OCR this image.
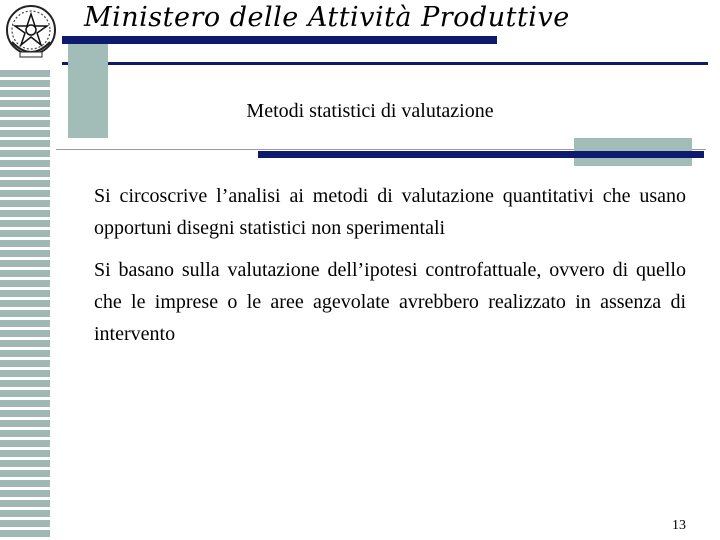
Ministero delle Attività Produttive
Metodi statistici di valutazione

Si circoscrive l’analisi ai metodi di valutazione quantitativi che usano opportuni disegni statistici non sperimentali

Si basano sulla valutazione dell’ipotesi controfattuale, ovvero di quello che le imprese o le aree agevolate avrebbero realizzato in assenza di intervento

13
